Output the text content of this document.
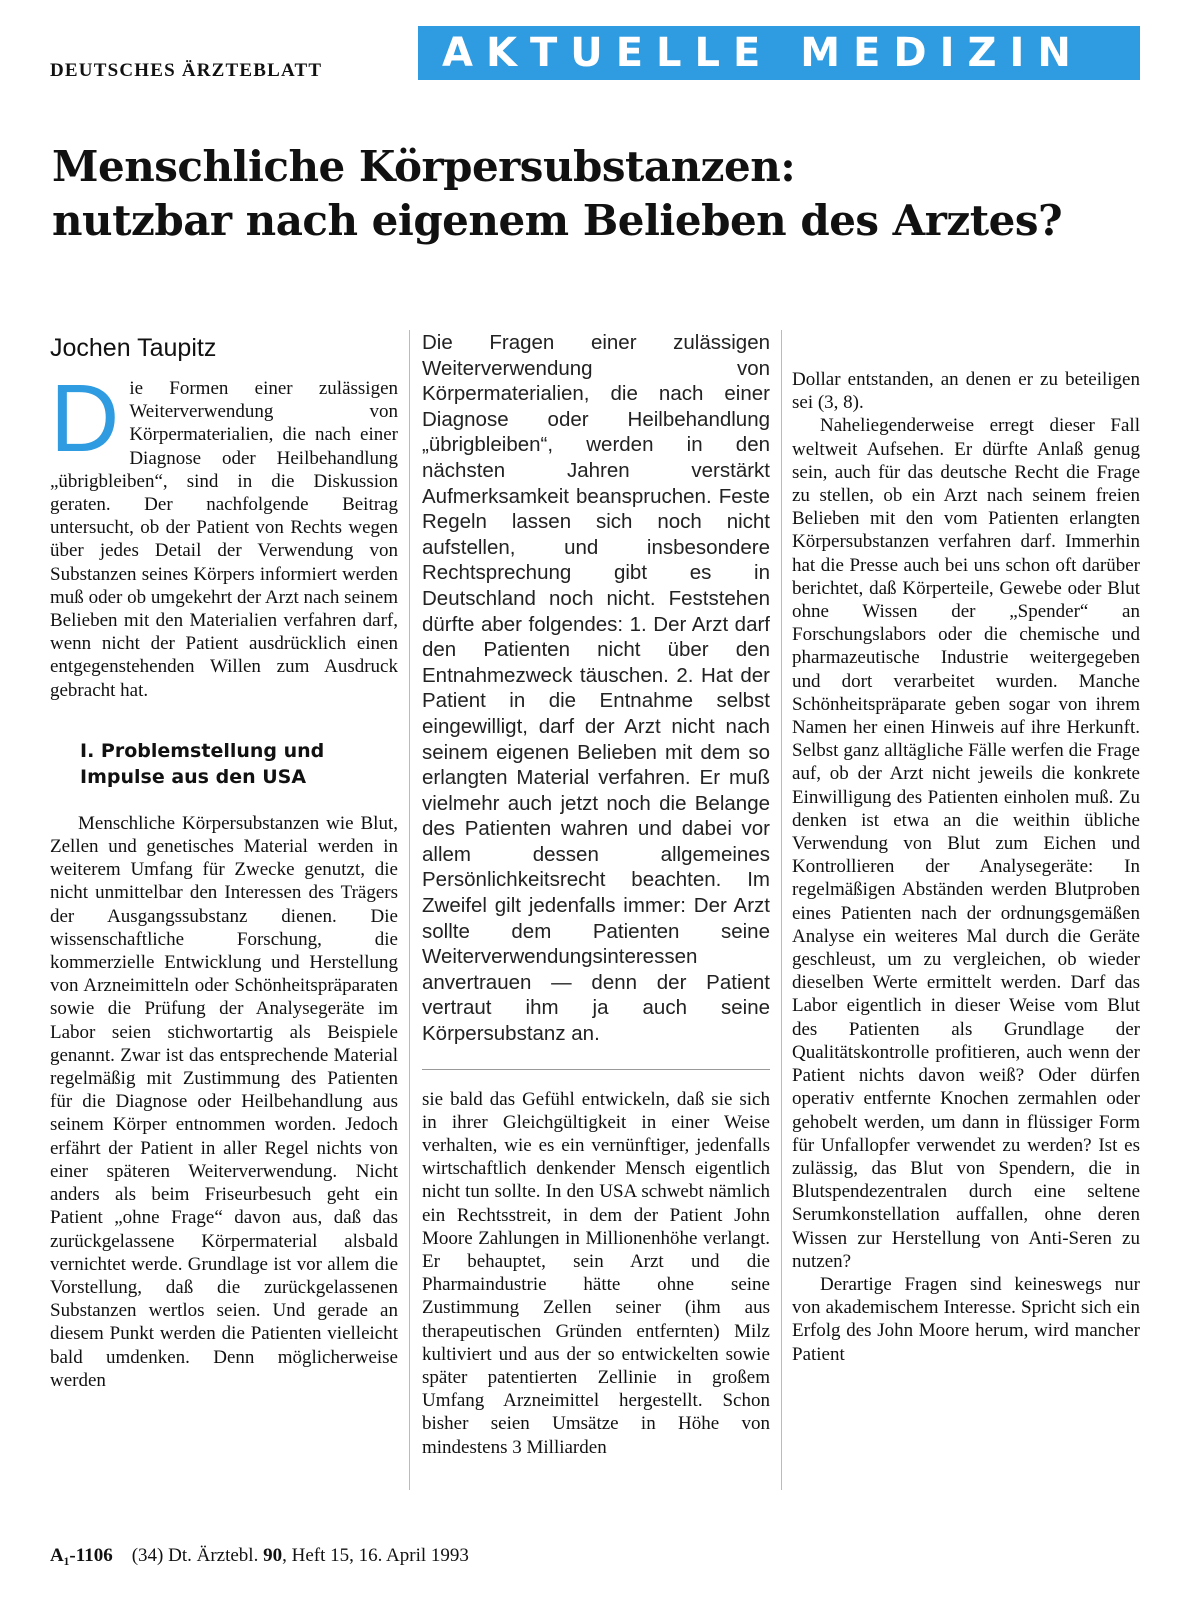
DEUTSCHES ÄRZTEBLATT	AKTUELLE MEDIZIN
Menschliche Körpersubstanzen:
nutzbar nach eigenem Belieben des Arztes?
Jochen Taupitz

Die Formen einer zulässigen Weiterverwendung von Körpermaterialien, die nach einer Diagnose oder Heilbehandlung „übrigbleiben“, sind in die Diskussion geraten. Der nachfolgende Beitrag untersucht, ob der Patient von Rechts wegen über jedes Detail der Verwendung von Substanzen seines Körpers informiert werden muß oder ob umgekehrt der Arzt nach seinem Belieben mit den Materialien verfahren darf, wenn nicht der Patient ausdrücklich einen entgegenstehenden Willen zum Ausdruck gebracht hat.

I. Problemstellung und
Impulse aus den USA

Menschliche Körpersubstanzen wie Blut, Zellen und genetisches Material werden in weiterem Umfang für Zwecke genutzt, die nicht unmittelbar den Interessen des Trägers der Ausgangssubstanz dienen. Die wissenschaftliche Forschung, die kommerzielle Entwicklung und Herstellung von Arzneimitteln oder Schönheitspräparaten sowie die Prüfung der Analysegeräte im Labor seien stichwortartig als Beispiele genannt. Zwar ist das entsprechende Material regelmäßig mit Zustimmung des Patienten für die Diagnose oder Heilbehandlung aus seinem Körper entnommen worden. Jedoch erfährt der Patient in aller Regel nichts von einer späteren Weiterverwendung. Nicht anders als beim Friseurbesuch geht ein Patient „ohne Frage“ davon aus, daß das zurückgelassene Körpermaterial alsbald vernichtet werde. Grundlage ist vor allem die Vorstellung, daß die zurückgelassenen Substanzen wertlos seien. Und gerade an diesem Punkt werden die Patienten vielleicht bald umdenken. Denn möglicherweise werden

Die Fragen einer zulässigen Weiterverwendung von Körpermaterialien, die nach einer Diagnose oder Heilbehandlung „übrigbleiben“, werden in den nächsten Jahren verstärkt Aufmerksamkeit beanspruchen. Feste Regeln lassen sich noch nicht aufstellen, und insbesondere Rechtsprechung gibt es in Deutschland noch nicht. Feststehen dürfte aber folgendes: 1. Der Arzt darf den Patienten nicht über den Entnahmezweck täuschen. 2. Hat der Patient in die Entnahme selbst eingewilligt, darf der Arzt nicht nach seinem eigenen Belieben mit dem so erlangten Material verfahren. Er muß vielmehr auch jetzt noch die Belange des Patienten wahren und dabei vor allem dessen allgemeines Persönlichkeitsrecht beachten. Im Zweifel gilt jedenfalls immer: Der Arzt sollte dem Patienten seine Weiterverwendungsinteressen anvertrauen — denn der Patient vertraut ihm ja auch seine Körpersubstanz an.

sie bald das Gefühl entwickeln, daß sie sich in ihrer Gleichgültigkeit in einer Weise verhalten, wie es ein vernünftiger, jedenfalls wirtschaftlich denkender Mensch eigentlich nicht tun sollte. In den USA schwebt nämlich ein Rechtsstreit, in dem der Patient John Moore Zahlungen in Millionenhöhe verlangt. Er behauptet, sein Arzt und die Pharmaindustrie hätte ohne seine Zustimmung Zellen seiner (ihm aus therapeutischen Gründen entfernten) Milz kultiviert und aus der so entwickelten sowie später patentierten Zellinie in großem Umfang Arzneimittel hergestellt. Schon bisher seien Umsätze in Höhe von mindestens 3 Milliarden

Dollar entstanden, an denen er zu beteiligen sei (3, 8).

Naheliegenderweise erregt dieser Fall weltweit Aufsehen. Er dürfte Anlaß genug sein, auch für das deutsche Recht die Frage zu stellen, ob ein Arzt nach seinem freien Belieben mit den vom Patienten erlangten Körpersubstanzen verfahren darf. Immerhin hat die Presse auch bei uns schon oft darüber berichtet, daß Körperteile, Gewebe oder Blut ohne Wissen der „Spender“ an Forschungslabors oder die chemische und pharmazeutische Industrie weitergegeben und dort verarbeitet wurden. Manche Schönheitspräparate geben sogar von ihrem Namen her einen Hinweis auf ihre Herkunft. Selbst ganz alltägliche Fälle werfen die Frage auf, ob der Arzt nicht jeweils die konkrete Einwilligung des Patienten einholen muß. Zu denken ist etwa an die weithin übliche Verwendung von Blut zum Eichen und Kontrollieren der Analysegeräte: In regelmäßigen Abständen werden Blutproben eines Patienten nach der ordnungsgemäßen Analyse ein weiteres Mal durch die Geräte geschleust, um zu vergleichen, ob wieder dieselben Werte ermittelt werden. Darf das Labor eigentlich in dieser Weise vom Blut des Patienten als Grundlage der Qualitätskontrolle profitieren, auch wenn der Patient nichts davon weiß? Oder dürfen operativ entfernte Knochen zermahlen oder gehobelt werden, um dann in flüssiger Form für Unfallopfer verwendet zu werden? Ist es zulässig, das Blut von Spendern, die in Blutspendezentralen durch eine seltene Serumkonstellation auffallen, ohne deren Wissen zur Herstellung von Anti-Seren zu nutzen?

Derartige Fragen sind keineswegs nur von akademischem Interesse. Spricht sich ein Erfolg des John Moore herum, wird mancher Patient

A₁-1106 (34) Dt. Ärztebl. 90, Heft 15, 16. April 1993
